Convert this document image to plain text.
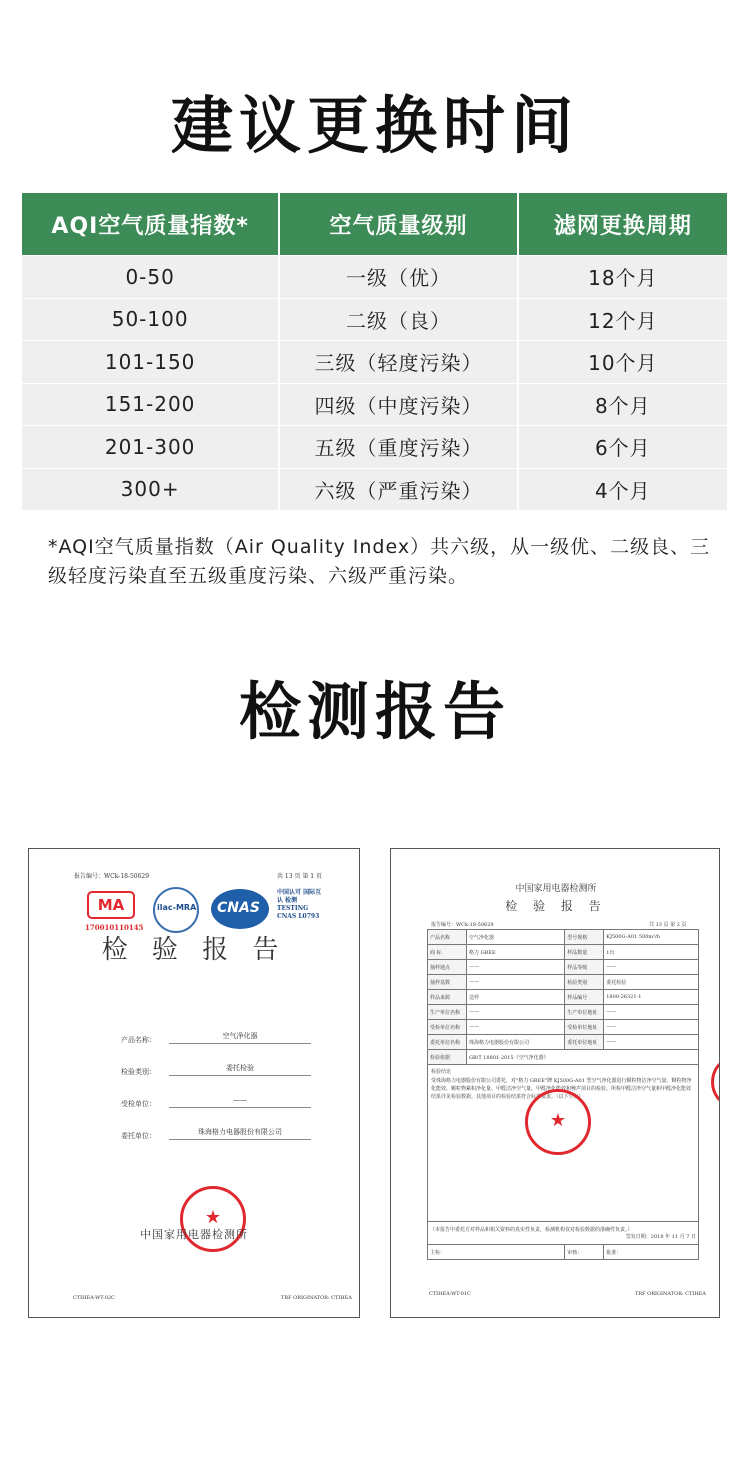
建议更换时间
AQI空气质量指数*	空气质量级别	滤网更换周期
0-50	一级（优）	18个月
50-100	二级（良）	12个月
101-150	三级（轻度污染）	10个月
151-200	四级（中度污染）	8个月
201-300	五级（重度污染）	6个月
300+	六级（严重污染）	4个月
*AQI空气质量指数（Air Quality Index）共六级，从一级优、二级良、三级轻度污染直至五级重度污染、六级严重污染。
检测报告
报告编号：WCk-18-50629	共 13 页 第 1 页
MA
170010110145
ilac-MRA CNAS
中国认可 国际互认 检测 TESTING CNAS L0793
检 验 报 告
产品名称：	空气净化器
检验类别：	委托检验
受检单位：	——
委托单位：	珠海格力电器股份有限公司
★
中国家用电器检测所
CTIHEA-WT-02C	TRF ORIGINATOR: CTIHEA
中国家用电器检测所
检 验 报 告
报告编号：WCk-18-50629	共 13 页 第 2 页
产品名称	空气净化器	型号规格	KJ500G-A01 500m³/h
商 标	格力 GREE	样品数量	1台
抽样地点	——	样品等级	——
抽样基数	——	检验类别	委托检验
样品来源	送样	样品编号	1800-26321-1
生产单位名称	——	生产单位地址	——
受检单位名称	——	受检单位地址	——
委托单位名称	珠海格力电器股份有限公司	委托单位地址	——
检验依据	GB/T 18801-2015《空气净化器》		

检验结论
受珠海格力电器股份有限公司委托，对"格力 GREE"牌 KJ500G-A01 型空气净化器进行颗粒物洁净空气量、颗粒物净化能效、颗粒物累积净化量、甲醛洁净空气量、甲醛净化能效和噪声项目的检验。所检甲醛洁净空气量和甲醛净化能效结果详见检验数据。其他项目的检验结果符合标准要求。（以下空白）			

（本报告中委托方对样品和相关资料的真实性负责，检测机构仅对检验数据的准确性负责。）
签发日期：2018 年 11 月 7 日			

主检：		审核：	批准：
★
CTIHEA-WT-01C	TRF ORIGINATOR: CTIHEA
